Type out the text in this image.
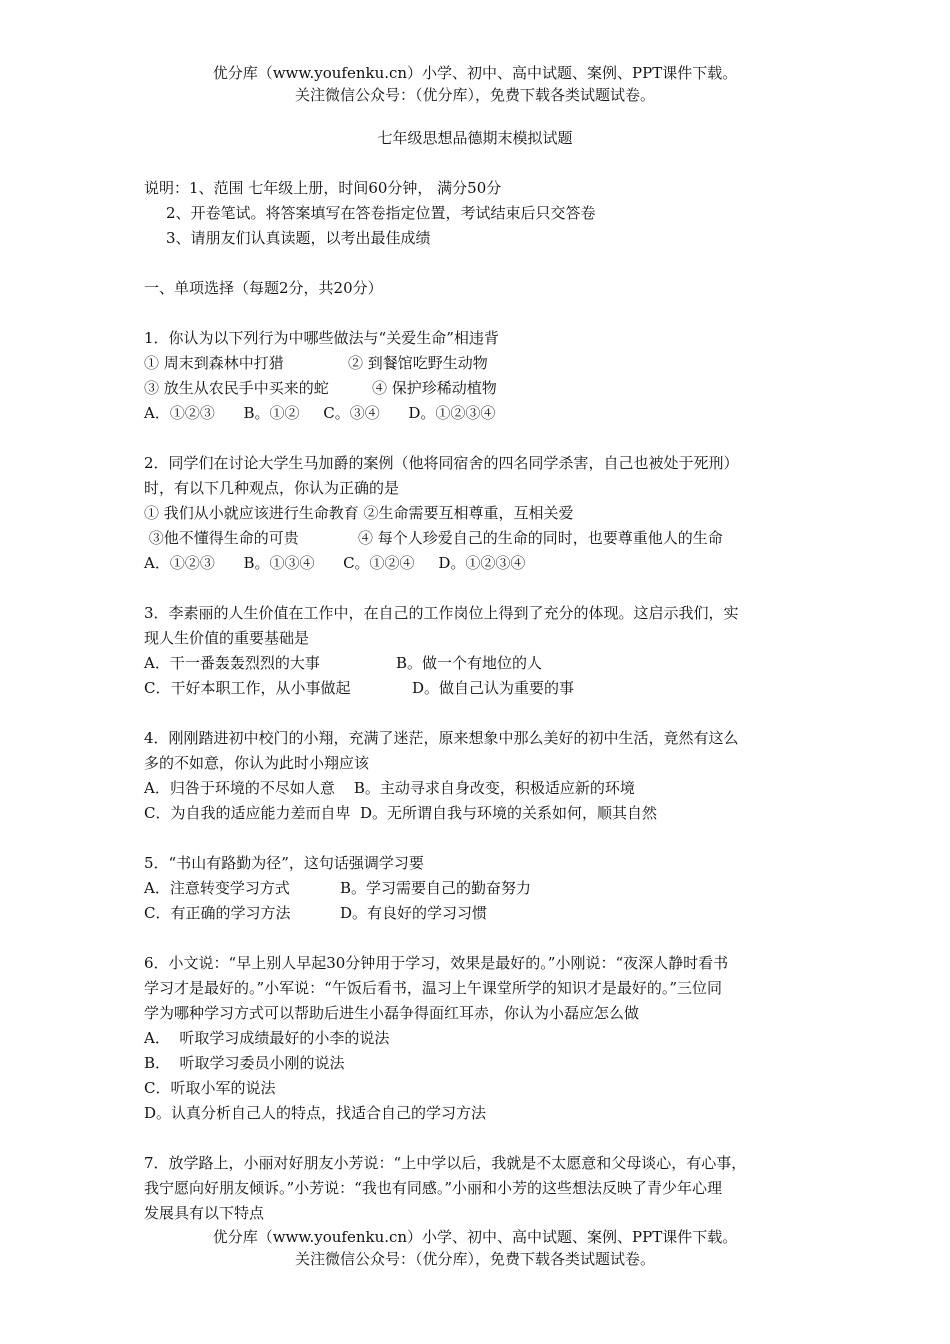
优分库（www.youfenku.cn）小学、初中、高中试题、案例、PPT课件下载。
关注微信公众号：（优分库），免费下载各类试题试卷。
七年级思想品德期末模拟试题
说明：1、范围 七年级上册，时间60分钟， 满分50分
2、开卷笔试。将答案填写在答卷指定位置，考试结束后只交答卷
3、请朋友们认真读题，以考出最佳成绩
一、单项选择（每题2分，共20分）
1．你认为以下列行为中哪些做法与“关爱生命”相违背
① 周末到森林中打猎	② 到餐馆吃野生动物
③ 放生从农民手中买来的蛇	④ 保护珍稀动植物
A．①②③      B。①②     C。③④      D。①②③④
2．同学们在讨论大学生马加爵的案例（他将同宿舍的四名同学杀害，自己也被处于死刑）
时，有以下几种观点，你认为正确的是
① 我们从小就应该进行生命教育 ②生命需要互相尊重，互相关爱
③他不懂得生命的可贵	④ 每个人珍爱自己的生命的同时，也要尊重他人的生命
A．①②③      B。①③④      C。①②④     D。①②③④
3．李素丽的人生价值在工作中，在自己的工作岗位上得到了充分的体现。这启示我们，实
现人生价值的重要基础是
A．干一番轰轰烈烈的大事	B。做一个有地位的人
C．干好本职工作，从小事做起	D。做自己认为重要的事
4．刚刚踏进初中校门的小翔，充满了迷茫，原来想象中那么美好的初中生活，竟然有这么
多的不如意，你认为此时小翔应该
A．归咎于环境的不尽如人意    B。主动寻求自身改变，积极适应新的环境
C．为自我的适应能力差而自卑  D。无所谓自我与环境的关系如何，顺其自然
5．“书山有路勤为径”，这句话强调学习要
A．注意转变学习方式	B。学习需要自己的勤奋努力
C．有正确的学习方法	D。有良好的学习习惯
6．小文说：“早上别人早起30分钟用于学习，效果是最好的。”小刚说：“夜深人静时看书
学习才是最好的。”小军说：“午饭后看书，温习上午课堂所学的知识才是最好的。”三位同
学为哪种学习方式可以帮助后进生小磊争得面红耳赤，你认为小磊应怎么做
A．  听取学习成绩最好的小李的说法
B．  听取学习委员小刚的说法
C．听取小军的说法
D。认真分析自己人的特点，找适合自己的学习方法
7．放学路上，小丽对好朋友小芳说：“上中学以后，我就是不太愿意和父母谈心，有心事，
我宁愿向好朋友倾诉。”小芳说：“我也有同感。”小丽和小芳的这些想法反映了青少年心理
发展具有以下特点
优分库（www.youfenku.cn）小学、初中、高中试题、案例、PPT课件下载。
关注微信公众号：（优分库），免费下载各类试题试卷。
